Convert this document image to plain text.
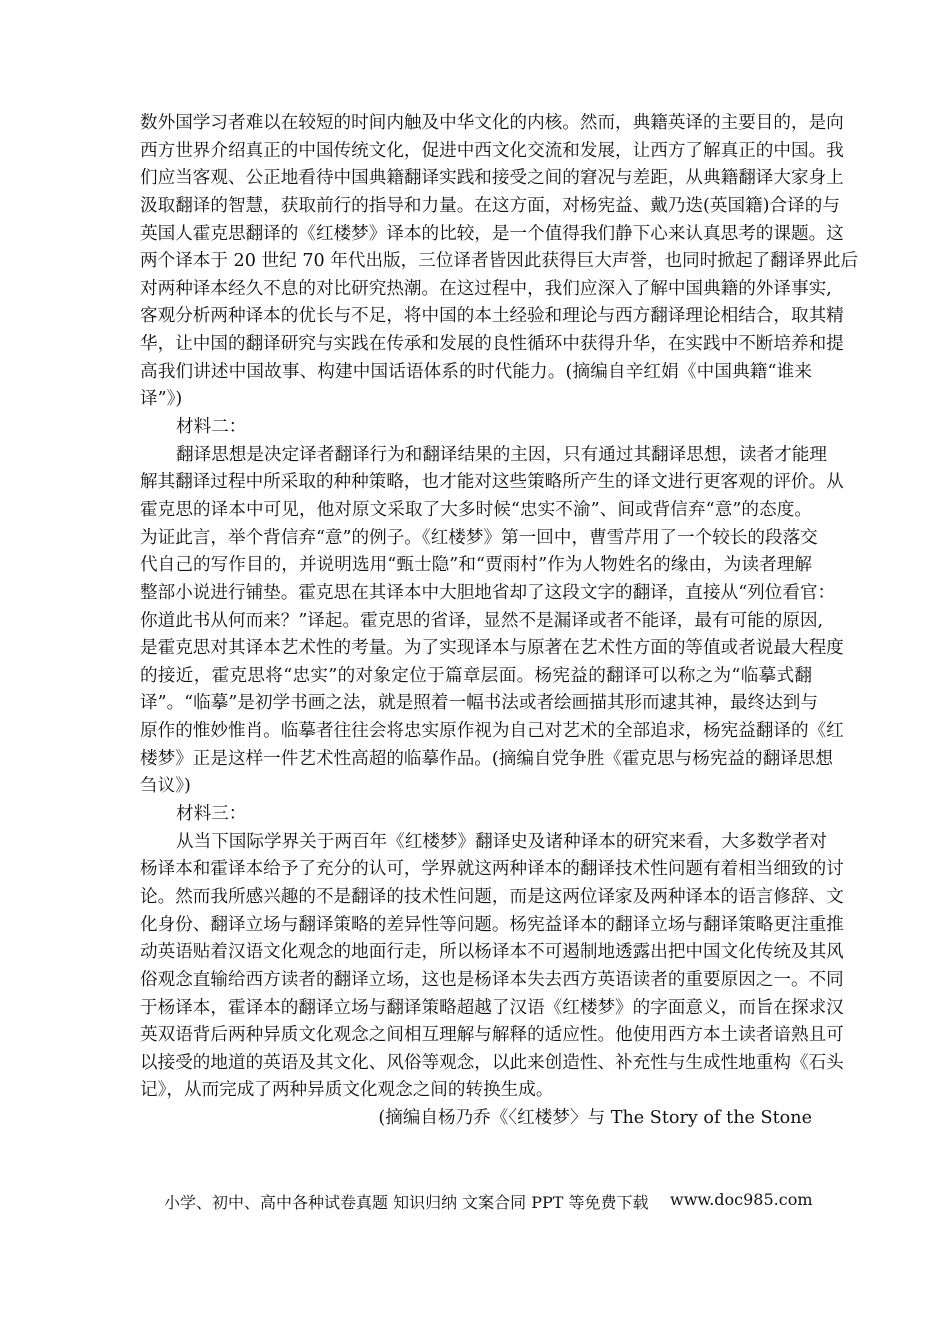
数外国学习者难以在较短的时间内触及中华文化的内核。然而，典籍英译的主要目的，是向
西方世界介绍真正的中国传统文化，促进中西文化交流和发展，让西方了解真正的中国。我
们应当客观、公正地看待中国典籍翻译实践和接受之间的窘况与差距，从典籍翻译大家身上
汲取翻译的智慧，获取前行的指导和力量。在这方面，对杨宪益、戴乃迭(英国籍)合译的与
英国人霍克思翻译的《红楼梦》译本的比较，是一个值得我们静下心来认真思考的课题。这
两个译本于 20 世纪 70 年代出版，三位译者皆因此获得巨大声誉，也同时掀起了翻译界此后
对两种译本经久不息的对比研究热潮。在这过程中，我们应深入了解中国典籍的外译事实,
客观分析两种译本的优长与不足，将中国的本土经验和理论与西方翻译理论相结合，取其精
华，让中国的翻译研究与实践在传承和发展的良性循环中获得升华，在实践中不断培养和提
高我们讲述中国故事、构建中国话语体系的时代能力。(摘编自辛红娟《中国典籍“谁来
译”》)
材料二：
翻译思想是决定译者翻译行为和翻译结果的主因，只有通过其翻译思想，读者才能理
解其翻译过程中所采取的种种策略，也才能对这些策略所产生的译文进行更客观的评价。从
霍克思的译本中可见，他对原文采取了大多时候“忠实不渝”、间或背信弃“意”的态度。
为证此言，举个背信弃“意”的例子。《红楼梦》第一回中，曹雪芹用了一个较长的段落交
代自己的写作目的，并说明选用“甄士隐”和“贾雨村”作为人物姓名的缘由，为读者理解
整部小说进行铺垫。霍克思在其译本中大胆地省却了这段文字的翻译，直接从“列位看官：
你道此书从何而来？”译起。霍克思的省译，显然不是漏译或者不能译，最有可能的原因,
是霍克思对其译本艺术性的考量。为了实现译本与原著在艺术性方面的等值或者说最大程度
的接近，霍克思将“忠实”的对象定位于篇章层面。杨宪益的翻译可以称之为“临摹式翻
译”。“临摹”是初学书画之法，就是照着一幅书法或者绘画描其形而逮其神，最终达到与
原作的惟妙惟肖。临摹者往往会将忠实原作视为自己对艺术的全部追求，杨宪益翻译的《红
楼梦》正是这样一件艺术性高超的临摹作品。(摘编自党争胜《霍克思与杨宪益的翻译思想
刍议》)
材料三：
从当下国际学界关于两百年《红楼梦》翻译史及诸种译本的研究来看，大多数学者对
杨译本和霍译本给予了充分的认可，学界就这两种译本的翻译技术性问题有着相当细致的讨
论。然而我所感兴趣的不是翻译的技术性问题，而是这两位译家及两种译本的语言修辞、文
化身份、翻译立场与翻译策略的差异性等问题。杨宪益译本的翻译立场与翻译策略更注重推
动英语贴着汉语文化观念的地面行走，所以杨译本不可遏制地透露出把中国文化传统及其风
俗观念直输给西方读者的翻译立场，这也是杨译本失去西方英语读者的重要原因之一。不同
于杨译本，霍译本的翻译立场与翻译策略超越了汉语《红楼梦》的字面意义，而旨在探求汉
英双语背后两种异质文化观念之间相互理解与解释的适应性。他使用西方本土读者谙熟且可
以接受的地道的英语及其文化、风俗等观念，以此来创造性、补充性与生成性地重构《石头
记》，从而完成了两种异质文化观念之间的转换生成。
(摘编自杨乃乔《〈红楼梦〉与 The Story of the Stone
小学、初中、高中各种试卷真题 知识归纳 文案合同 PPT 等免费下载 www.doc985.com
